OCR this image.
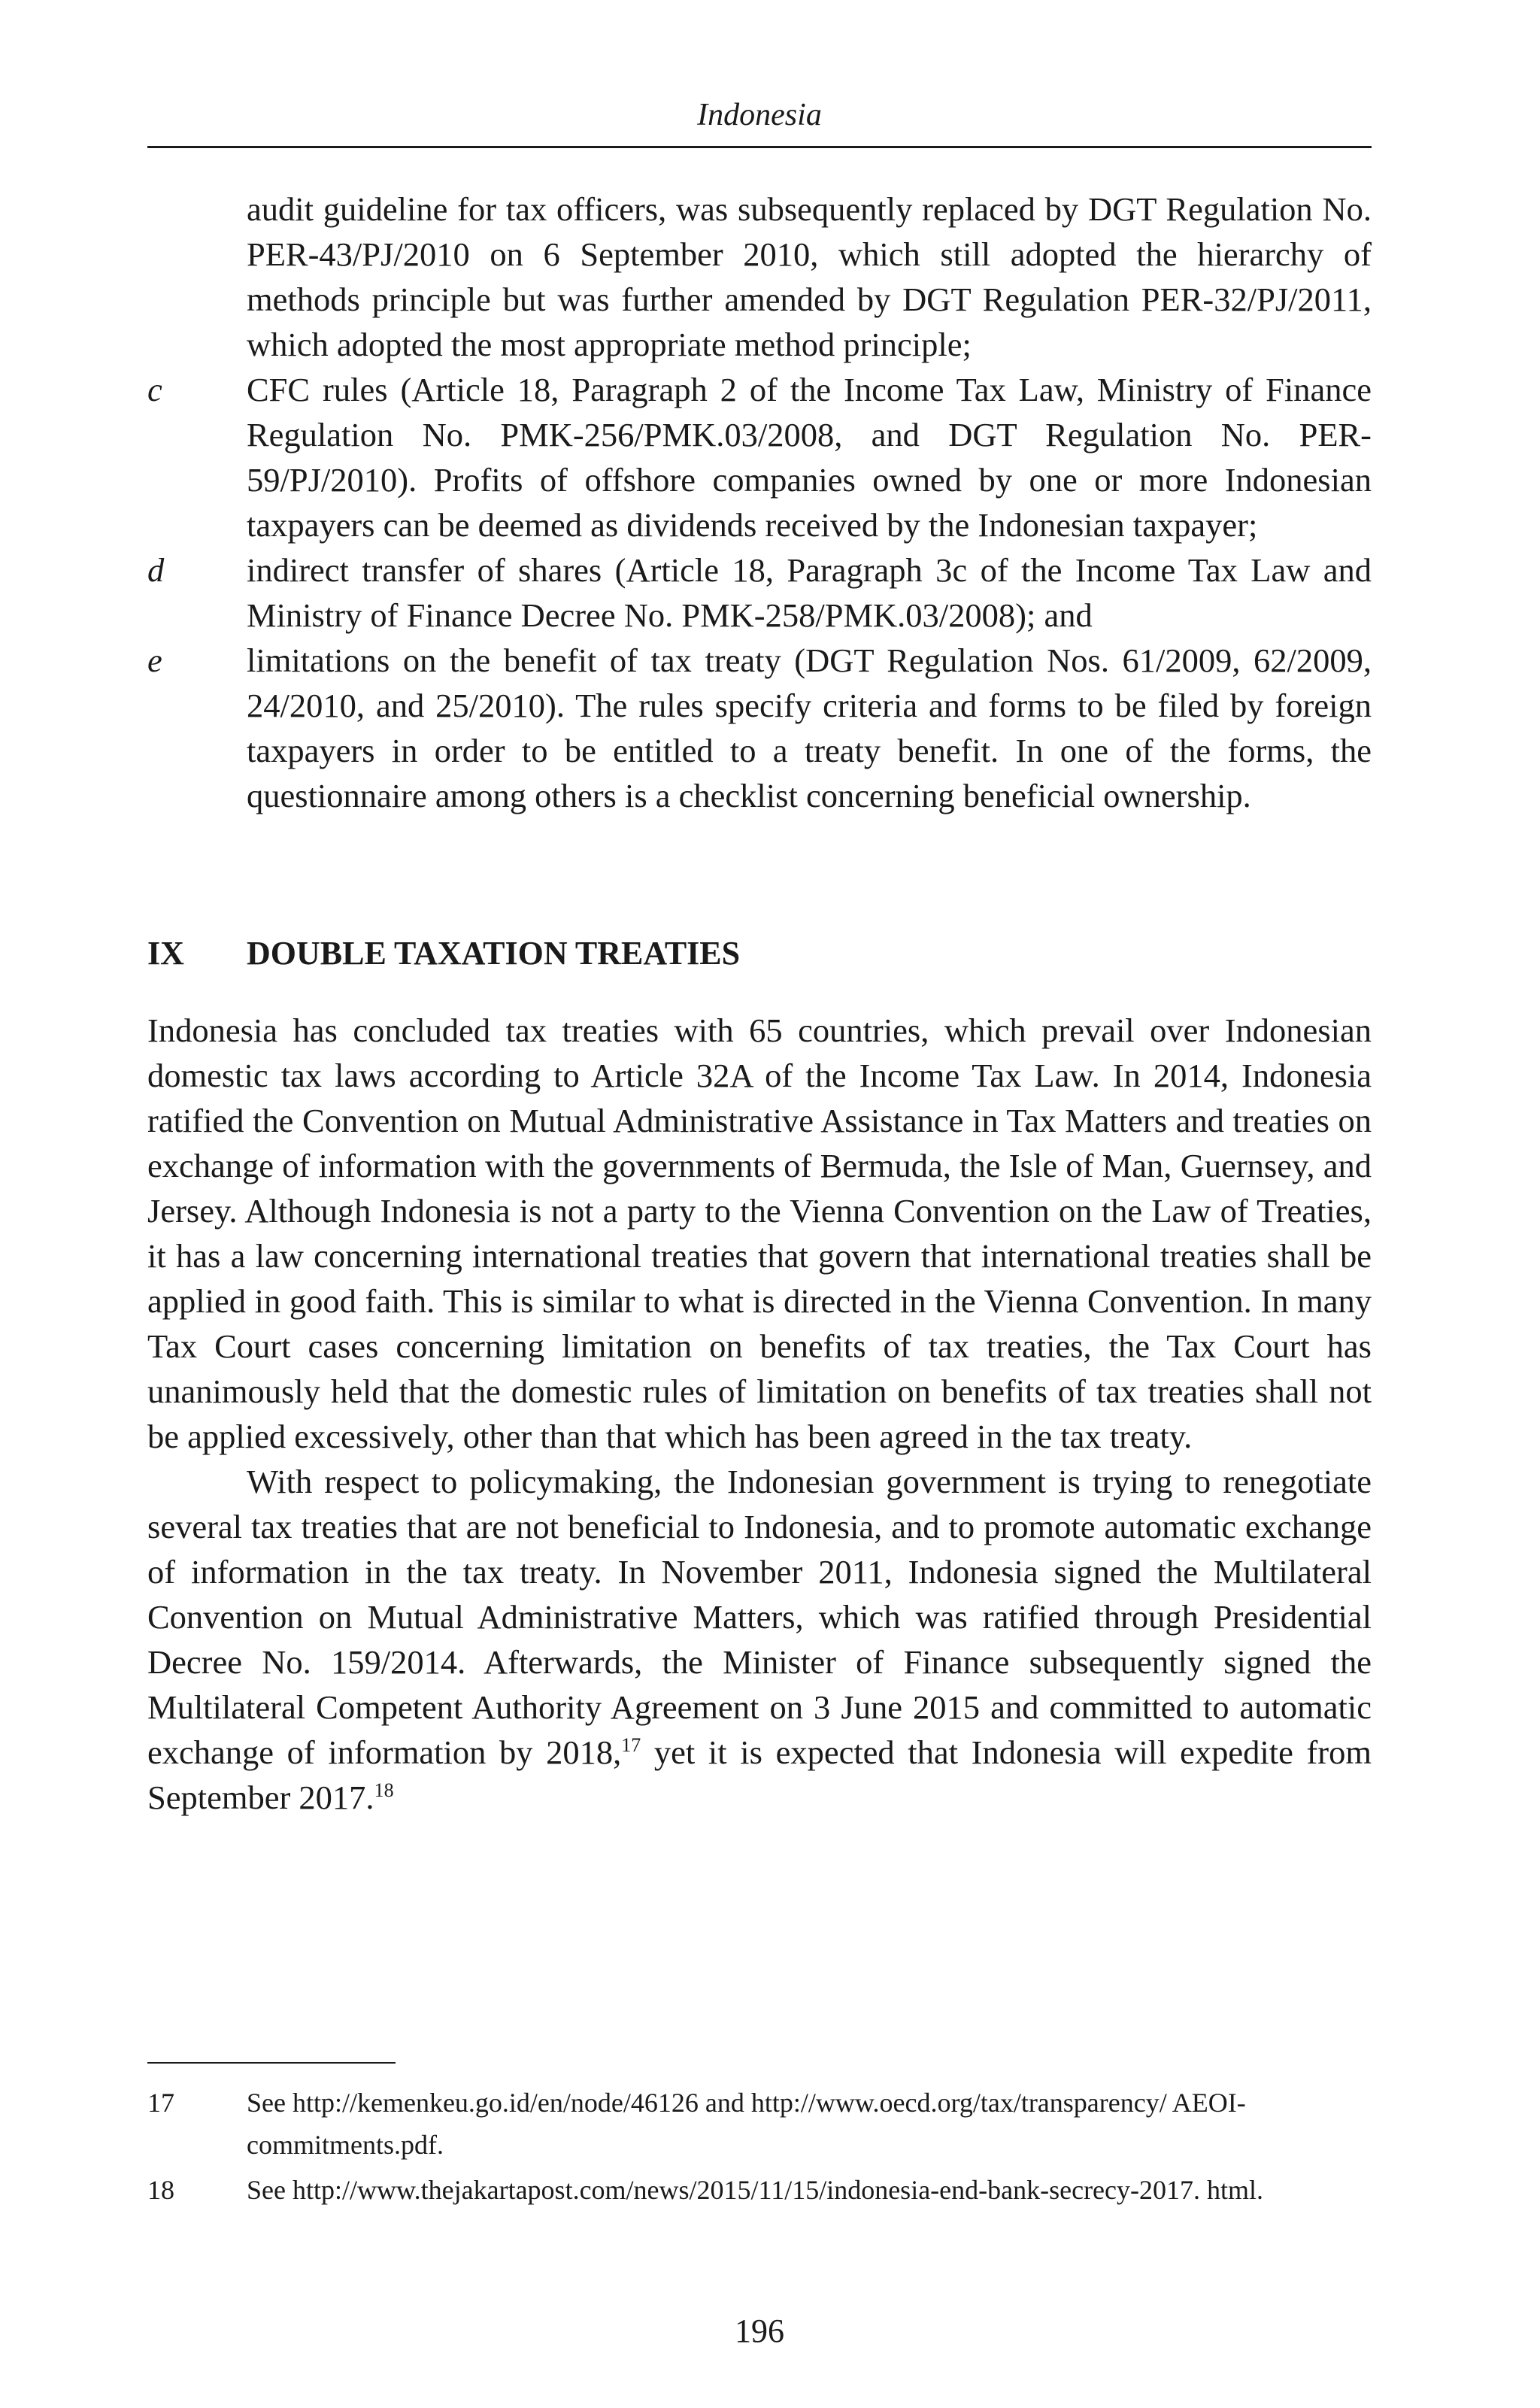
Indonesia
audit guideline for tax officers, was subsequently replaced by DGT Regulation No. PER-43/PJ/2010 on 6 September 2010, which still adopted the hierarchy of methods principle but was further amended by DGT Regulation PER-32/PJ/2011, which adopted the most appropriate method principle;
c	CFC rules (Article 18, Paragraph 2 of the Income Tax Law, Ministry of Finance Regulation No. PMK-256/PMK.03/2008, and DGT Regulation No. PER-59/PJ/2010). Profits of offshore companies owned by one or more Indonesian taxpayers can be deemed as dividends received by the Indonesian taxpayer;
d	indirect transfer of shares (Article 18, Paragraph 3c of the Income Tax Law and Ministry of Finance Decree No. PMK-258/PMK.03/2008); and
e	limitations on the benefit of tax treaty (DGT Regulation Nos. 61/2009, 62/2009, 24/2010, and 25/2010). The rules specify criteria and forms to be filed by foreign taxpayers in order to be entitled to a treaty benefit. In one of the forms, the questionnaire among others is a checklist concerning beneficial ownership.
IX	DOUBLE TAXATION TREATIES

Indonesia has concluded tax treaties with 65 countries, which prevail over Indonesian domestic tax laws according to Article 32A of the Income Tax Law. In 2014, Indonesia ratified the Convention on Mutual Administrative Assistance in Tax Matters and treaties on exchange of information with the governments of Bermuda, the Isle of Man, Guernsey, and Jersey. Although Indonesia is not a party to the Vienna Convention on the Law of Treaties, it has a law concerning international treaties that govern that international treaties shall be applied in good faith. This is similar to what is directed in the Vienna Convention. In many Tax Court cases concerning limitation on benefits of tax treaties, the Tax Court has unanimously held that the domestic rules of limitation on benefits of tax treaties shall not be applied excessively, other than that which has been agreed in the tax treaty.

With respect to policymaking, the Indonesian government is trying to renegotiate several tax treaties that are not beneficial to Indonesia, and to promote automatic exchange of information in the tax treaty. In November 2011, Indonesia signed the Multilateral Convention on Mutual Administrative Matters, which was ratified through Presidential Decree No. 159/2014. Afterwards, the Minister of Finance subsequently signed the Multilateral Competent Authority Agreement on 3 June 2015 and committed to automatic exchange of information by 2018,17 yet it is expected that Indonesia will expedite from September 2017.18

17	See http://kemenkeu.go.id/en/node/46126 and http://www.oecd.org/tax/transparency/ AEOI-commitments.pdf.
18	See http://www.thejakartapost.com/news/2015/11/15/indonesia-end-bank-secrecy-2017. html.
196
